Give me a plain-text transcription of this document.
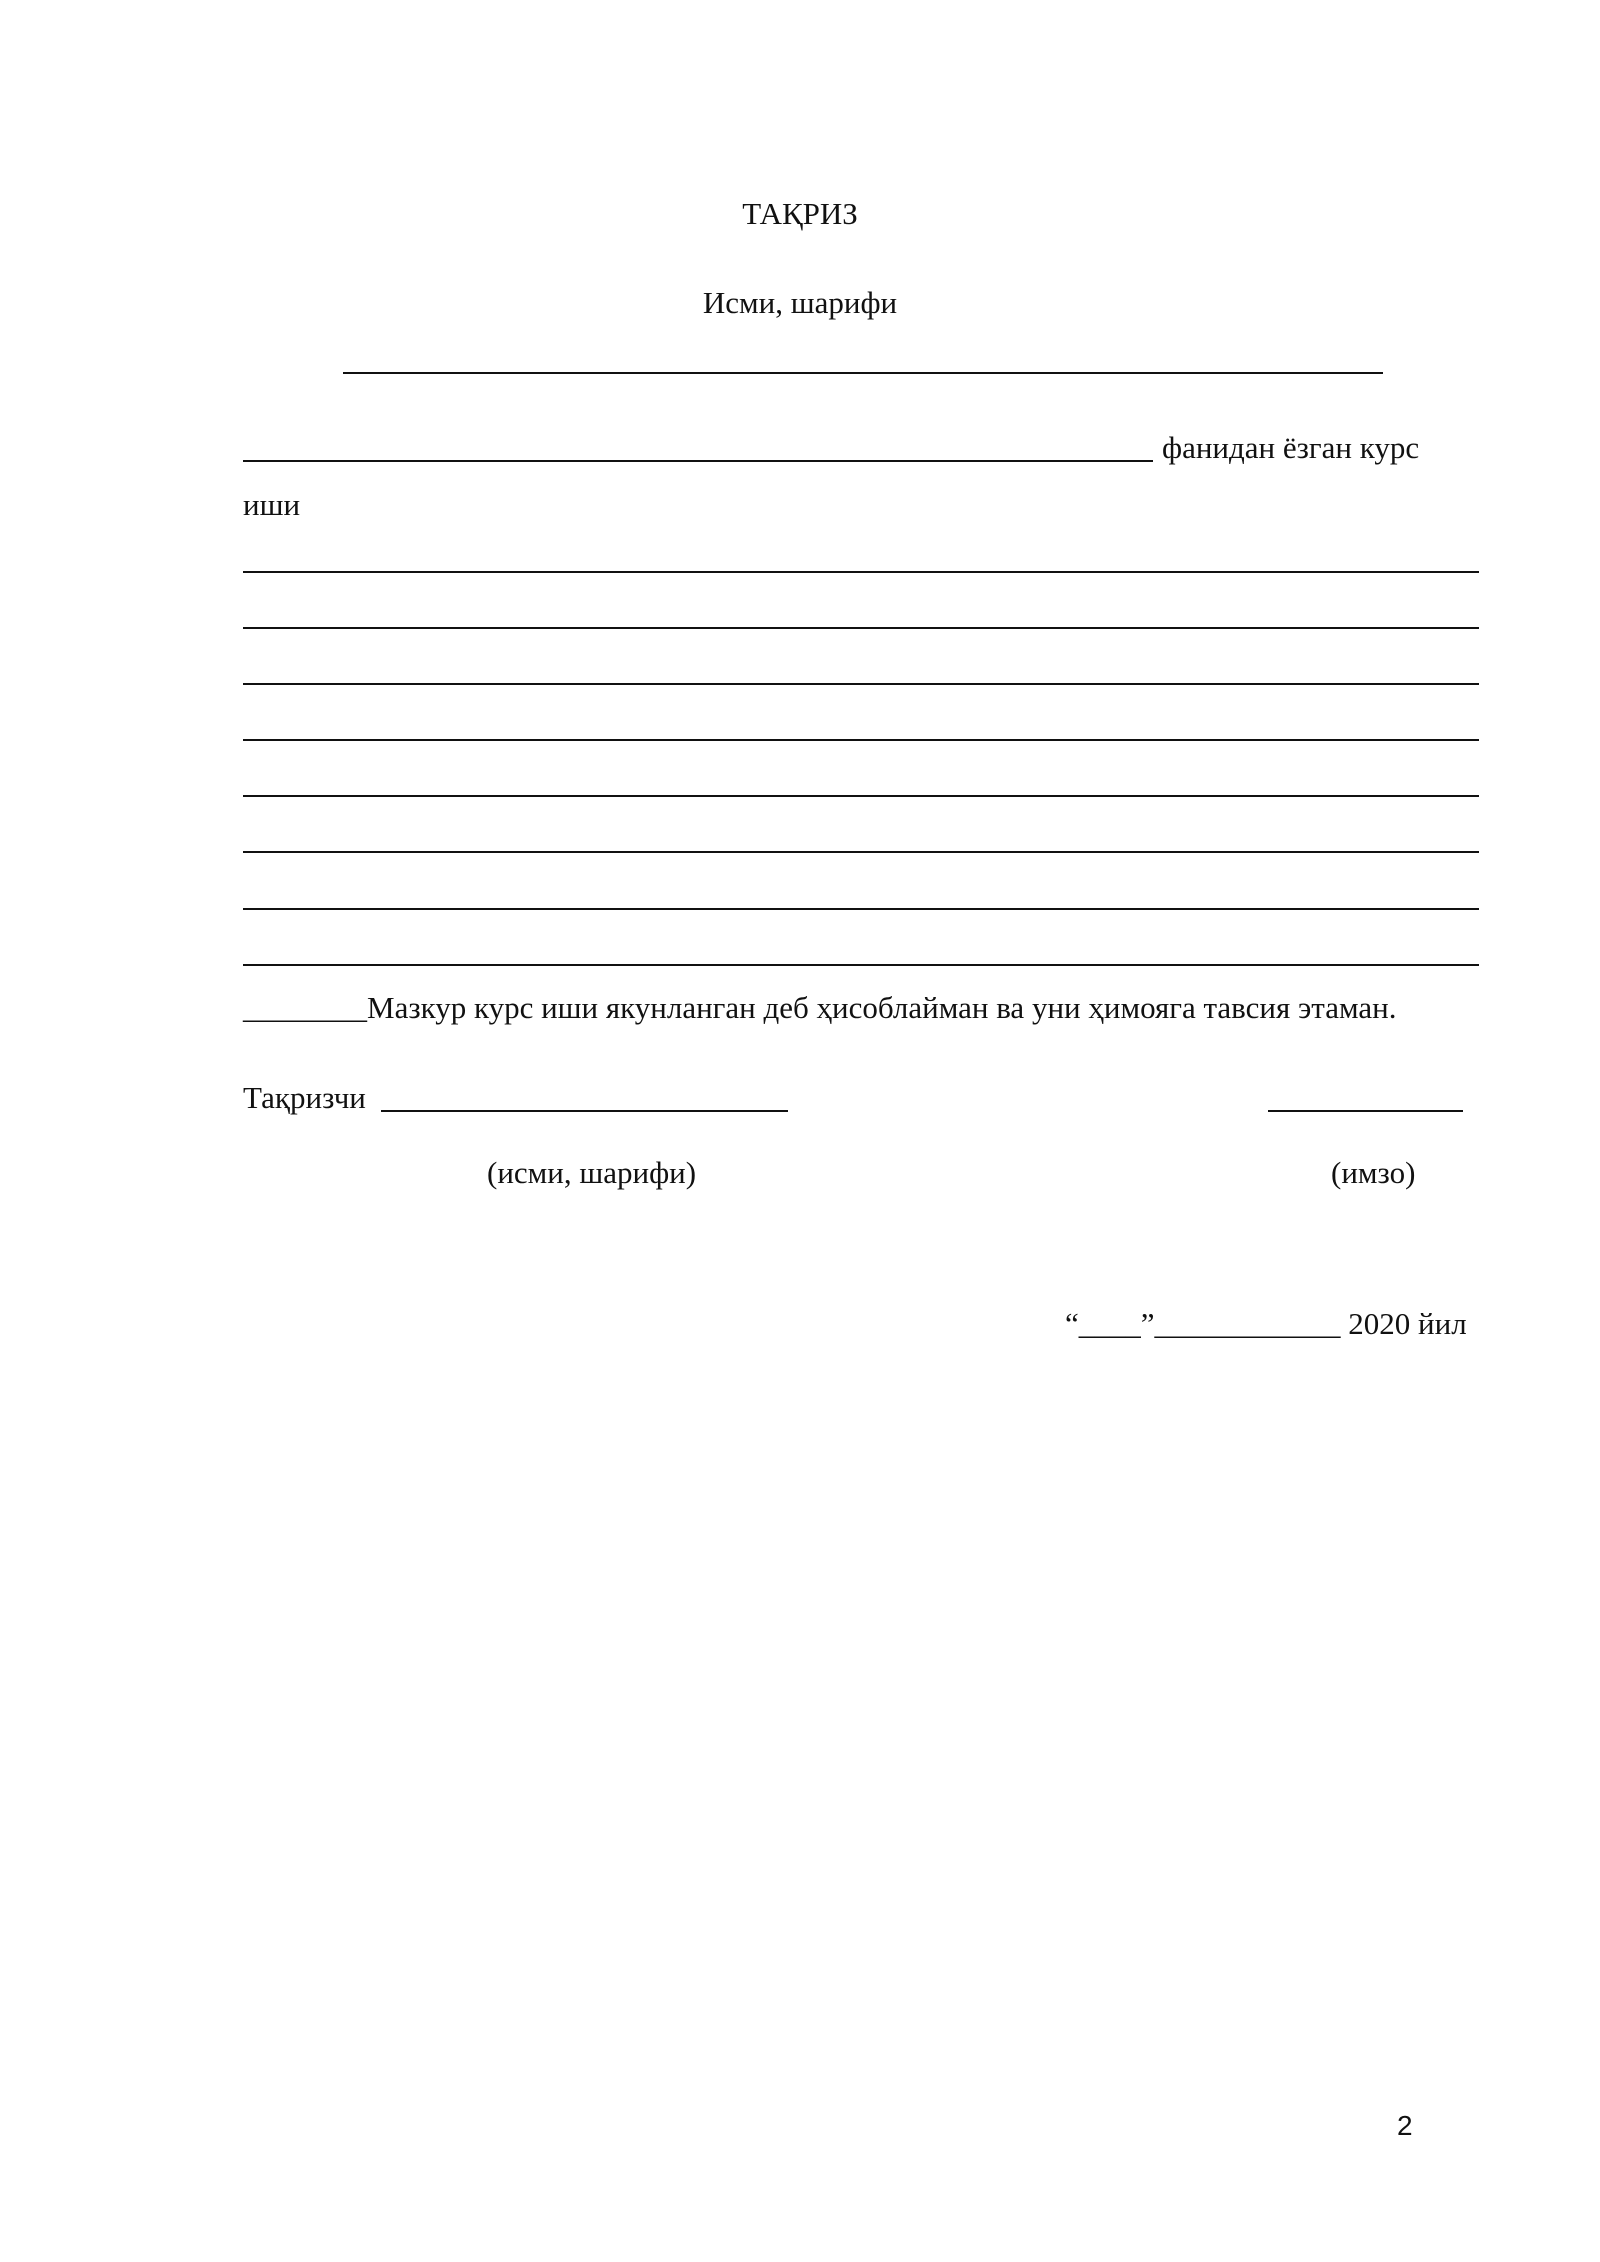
ТАҚРИЗ
Исми, шарифи
фанидан ёзган курс
иши
________Мазкур курс иши якунланган деб ҳисоблайман ва уни ҳимояга тавсия этаман.
Тақризчи
(исми, шарифи)	(имзо)
“____”____________ 2020 йил
2
